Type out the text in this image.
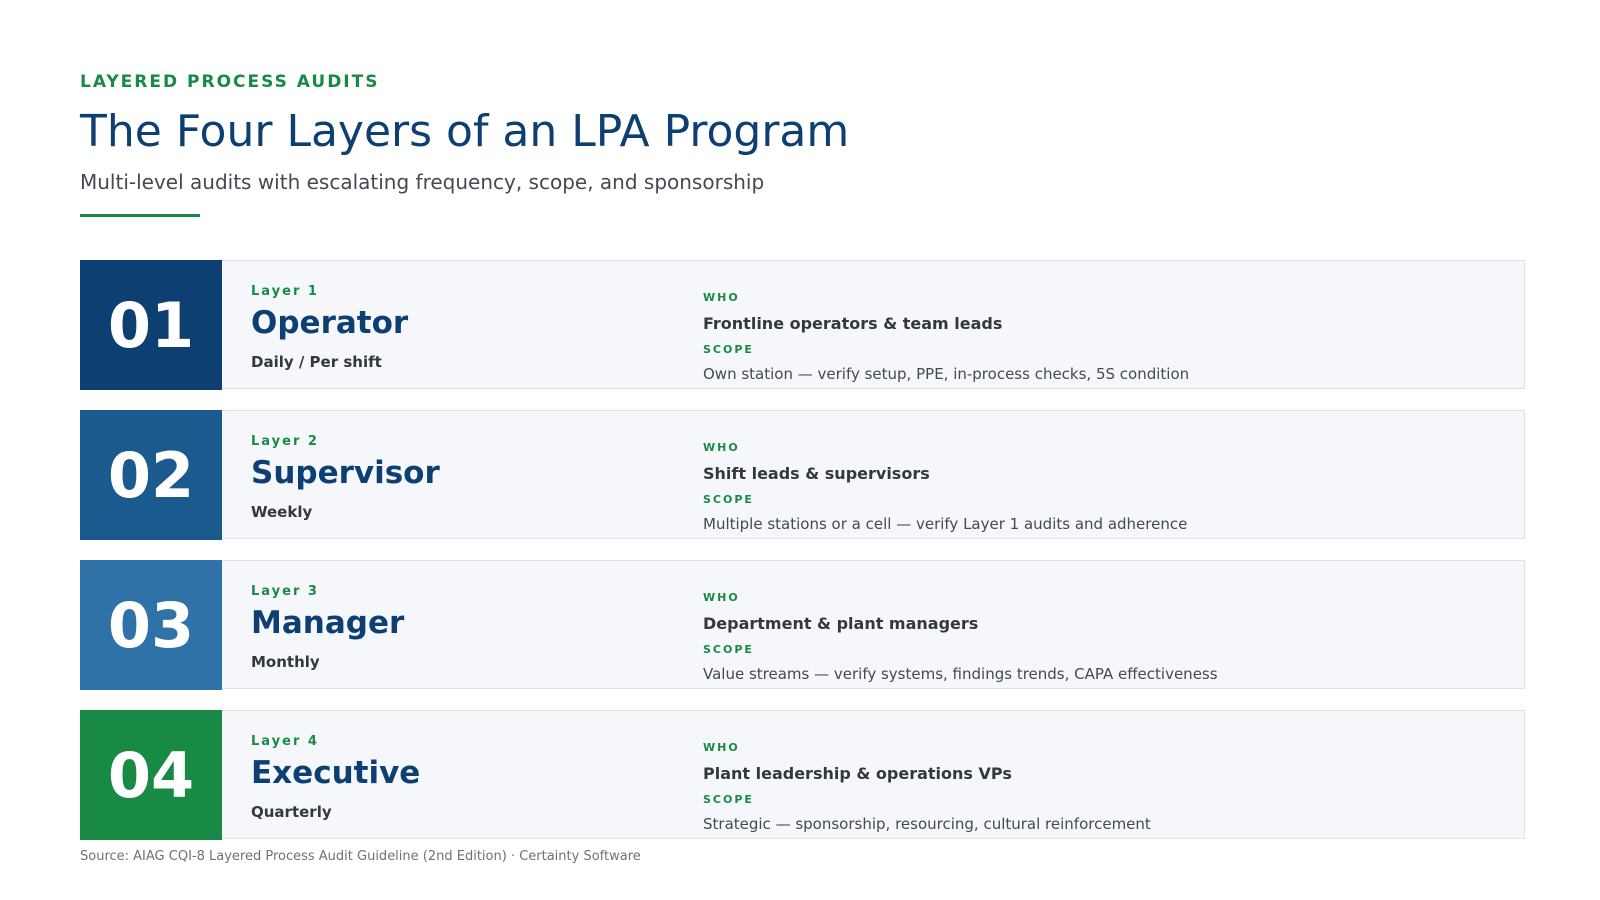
LAYERED PROCESS AUDITS
The Four Layers of an LPA Program
Multi-level audits with escalating frequency, scope, and sponsorship
01	Layer 1
Operator
Daily / Per shift
WHO
Frontline operators & team leads
SCOPE
Own station — verify setup, PPE, in-process checks, 5S condition
02	Layer 2
Supervisor
Weekly
WHO
Shift leads & supervisors
SCOPE
Multiple stations or a cell — verify Layer 1 audits and adherence
03	Layer 3
Manager
Monthly
WHO
Department & plant managers
SCOPE
Value streams — verify systems, findings trends, CAPA effectiveness
04	Layer 4
Executive
Quarterly
WHO
Plant leadership & operations VPs
SCOPE
Strategic — sponsorship, resourcing, cultural reinforcement
Source: AIAG CQI-8 Layered Process Audit Guideline (2nd Edition) · Certainty Software
